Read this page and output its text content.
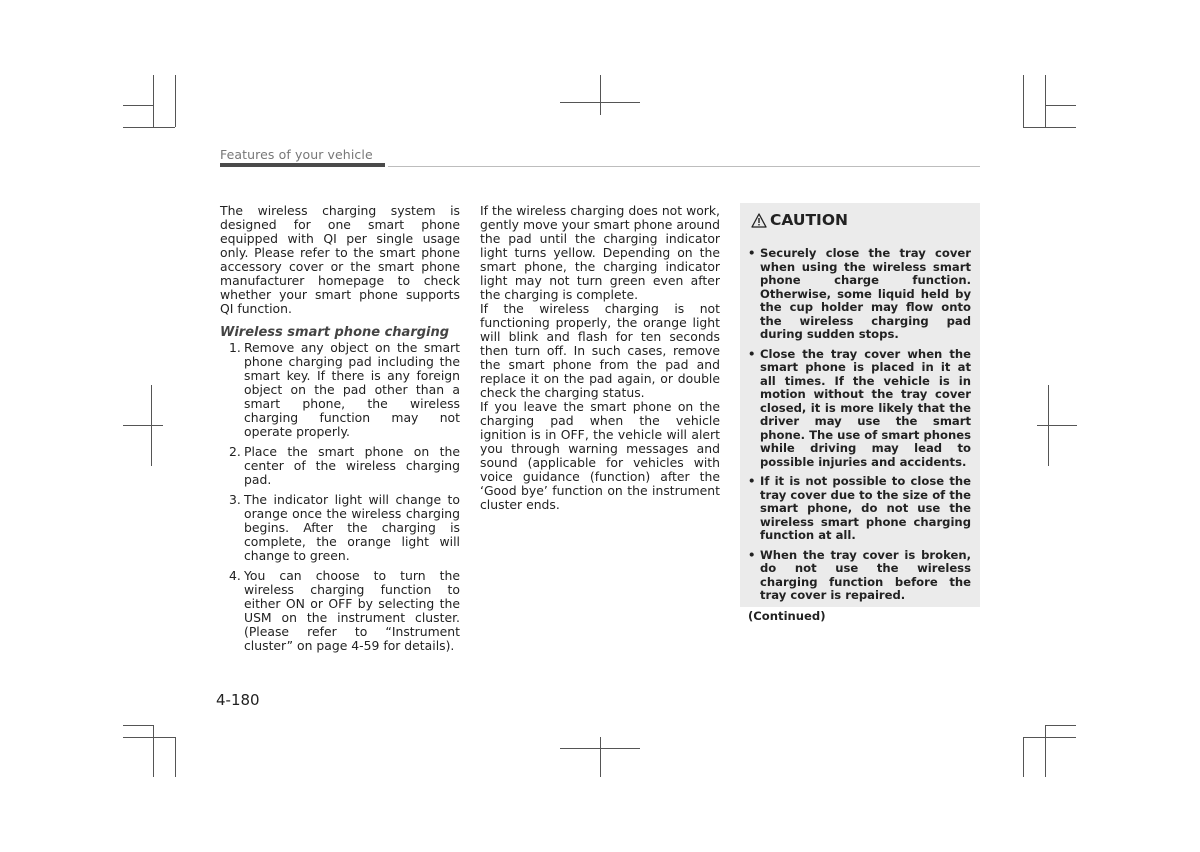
Features of your vehicle

The wireless charging system is designed for one smart phone equipped with QI per single usage only. Please refer to the smart phone accessory cover or the smart phone manufacturer homepage to check whether your smart phone supports QI function.

Wireless smart phone charging
1. Remove any object on the smart phone charging pad including the smart key. If there is any foreign object on the pad other than a smart phone, the wireless charging function may not operate properly.
2. Place the smart phone on the center of the wireless charging pad.
3. The indicator light will change to orange once the wireless charging begins. After the charging is complete, the orange light will change to green.
4. You can choose to turn the wireless charging function to either ON or OFF by selecting the USM on the instrument cluster. (Please refer to “Instrument cluster” on page 4-59 for details).

If the wireless charging does not work, gently move your smart phone around the pad until the charging indicator light turns yellow. Depending on the smart phone, the charging indicator light may not turn green even after the charging is complete.

If the wireless charging is not functioning properly, the orange light will blink and flash for ten seconds then turn off. In such cases, remove the smart phone from the pad and replace it on the pad again, or double check the charging status.

If you leave the smart phone on the charging pad when the vehicle ignition is in OFF, the vehicle will alert you through warning messages and sound (applicable for vehicles with voice guidance (function) after the ‘Good bye’ function on the instrument cluster ends.

CAUTION
• Securely close the tray cover when using the wireless smart phone charge function. Otherwise, some liquid held by the cup holder may flow onto the wireless charging pad during sudden stops.
• Close the tray cover when the smart phone is placed in it at all times. If the vehicle is in motion without the tray cover closed, it is more likely that the driver may use the smart phone. The use of smart phones while driving may lead to possible injuries and accidents.
• If it is not possible to close the tray cover due to the size of the smart phone, do not use the wireless smart phone charging function at all.
• When the tray cover is broken, do not use the wireless charging function before the tray cover is repaired.
(Continued)
4-180
